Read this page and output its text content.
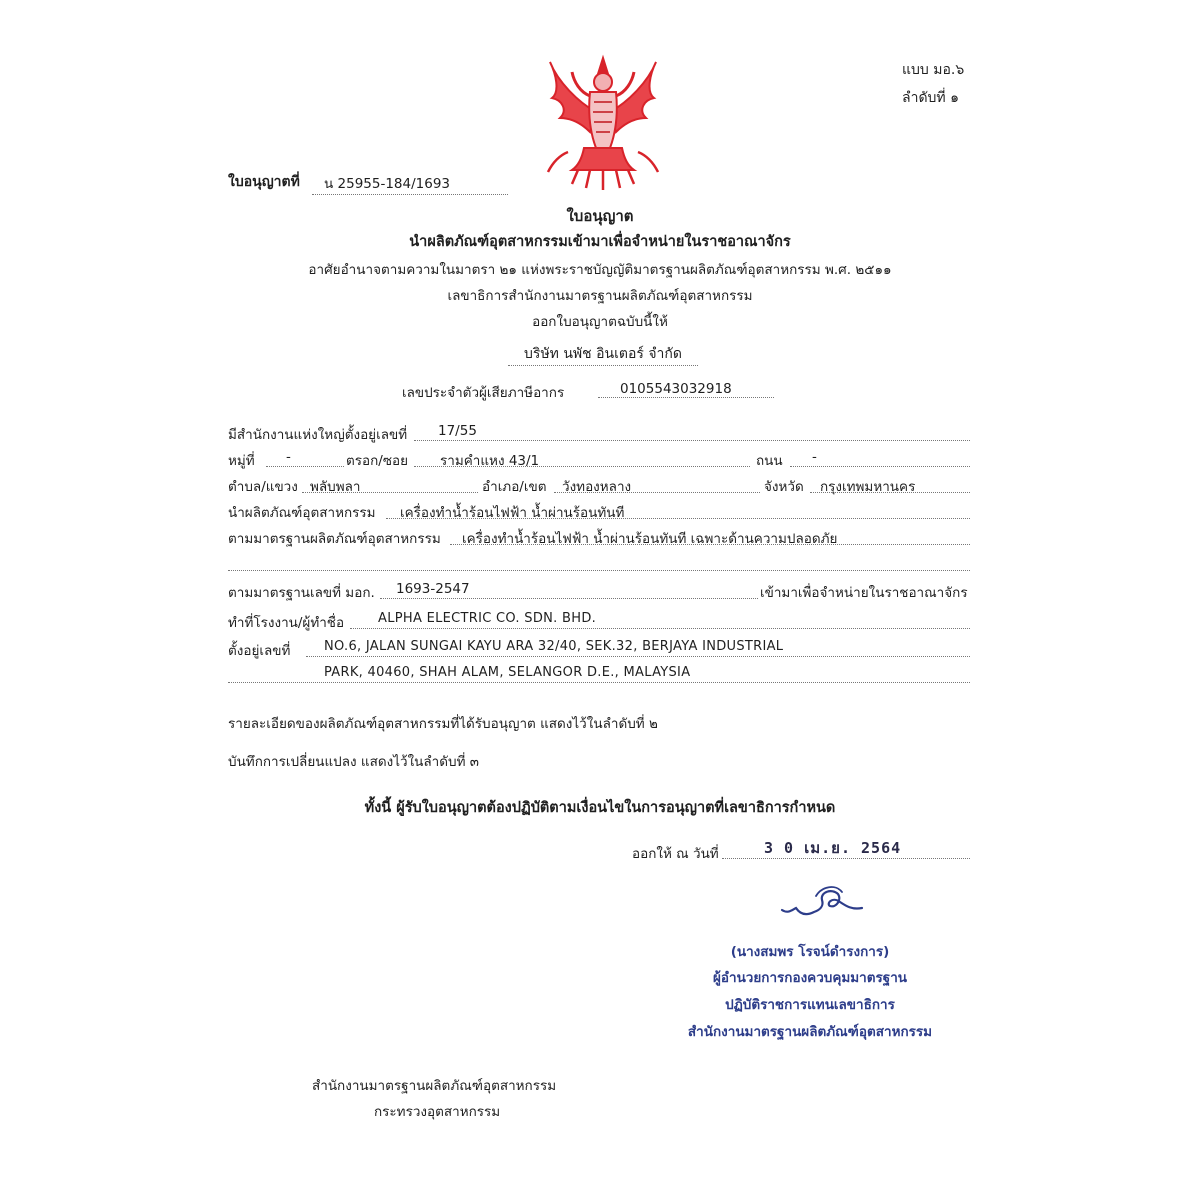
แบบ มอ.๖
ลำดับที่ ๑
ใบอนุญาตที่	น 25955-184/1693
ใบอนุญาต
นำผลิตภัณฑ์อุตสาหกรรมเข้ามาเพื่อจำหน่ายในราชอาณาจักร
อาศัยอำนาจตามความในมาตรา ๒๑ แห่งพระราชบัญญัติมาตรฐานผลิตภัณฑ์อุตสาหกรรม พ.ศ. ๒๕๑๑
เลขาธิการสำนักงานมาตรฐานผลิตภัณฑ์อุตสาหกรรม
ออกใบอนุญาตฉบับนี้ให้
บริษัท นพัช อินเตอร์ จำกัด
เลขประจำตัวผู้เสียภาษีอากร	0105543032918
มีสำนักงานแห่งใหญ่ตั้งอยู่เลขที่	17/55
หมู่ที่	-	ตรอก/ซอย	รามคำแหง 43/1	ถนน	-
ตำบล/แขวง พลับพลา	อำเภอ/เขต	วังทองหลาง	จังหวัด	กรุงเทพมหานคร
นำผลิตภัณฑ์อุตสาหกรรม	เครื่องทำน้ำร้อนไฟฟ้า น้ำผ่านร้อนทันที
ตามมาตรฐานผลิตภัณฑ์อุตสาหกรรม	เครื่องทำน้ำร้อนไฟฟ้า น้ำผ่านร้อนทันที เฉพาะด้านความปลอดภัย
ตามมาตรฐานเลขที่ มอก.	1693-2547	เข้ามาเพื่อจำหน่ายในราชอาณาจักร
ทำที่โรงงาน/ผู้ทำชื่อ	ALPHA ELECTRIC CO. SDN. BHD.
ตั้งอยู่เลขที่	NO.6, JALAN SUNGAI KAYU ARA 32/40, SEK.32, BERJAYA INDUSTRIAL
PARK, 40460, SHAH ALAM, SELANGOR D.E., MALAYSIA
รายละเอียดของผลิตภัณฑ์อุตสาหกรรมที่ได้รับอนุญาต แสดงไว้ในลำดับที่ ๒
บันทึกการเปลี่ยนแปลง แสดงไว้ในลำดับที่ ๓
ทั้งนี้ ผู้รับใบอนุญาตต้องปฏิบัติตามเงื่อนไขในการอนุญาตที่เลขาธิการกำหนด
ออกให้ ณ วันที่	3 0 เม.ย. 2564
(นางสมพร โรจน์ดำรงการ)
ผู้อำนวยการกองควบคุมมาตรฐาน
ปฏิบัติราชการแทนเลขาธิการ
สำนักงานมาตรฐานผลิตภัณฑ์อุตสาหกรรม
สำนักงานมาตรฐานผลิตภัณฑ์อุตสาหกรรม
กระทรวงอุตสาหกรรม
